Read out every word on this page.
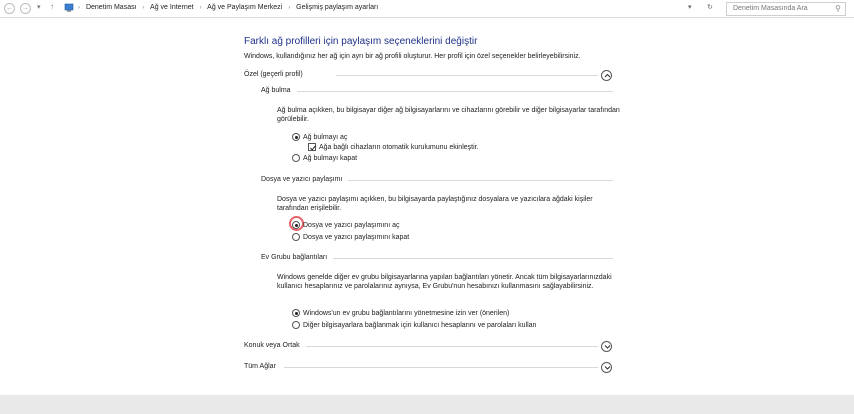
← → ▾ ↑	› Denetim Masası › Ağ ve Internet › Ağ ve Paylaşım Merkezi › Gelişmiş paylaşım ayarları	▾ ↻	Denetim Masasında Ara	⚲
Farklı ağ profilleri için paylaşım seçeneklerini değiştir
Windows, kullandığınız her ağ için ayrı bir ağ profili oluşturur. Her profil için özel seçenekler belirleyebilirsiniz.
Özel (geçerli profil)
Ağ bulma
Ağ bulma açıkken, bu bilgisayar diğer ağ bilgisayarlarını ve cihazlarını görebilir ve diğer bilgisayarlar tarafından görülebilir.
Ağ bulmayı aç
Ağa bağlı cihazların otomatik kurulumunu ekinleştir.
Ağ bulmayı kapat
Dosya ve yazıcı paylaşımı
Dosya ve yazıcı paylaşımı açıkken, bu bilgisayarda paylaştığınız dosyalara ve yazıcılara ağdaki kişiler tarafından erişilebilir.
Dosya ve yazıcı paylaşımını aç
Dosya ve yazıcı paylaşımını kapat
Ev Grubu bağlantıları
Windows genelde diğer ev grubu bilgisayarlarına yapılan bağlantıları yönetir. Ancak tüm bilgisayarlarınızdaki kullanıcı hesaplarınız ve parolalarınız aynıysa, Ev Grubu'nun hesabınızı kullanmasını sağlayabilirsiniz.
Windows'un ev grubu bağlantılarını yönetmesine izin ver (önerilen)
Diğer bilgisayarlara bağlanmak için kullanıcı hesaplarını ve parolaları kullan
Konuk veya Ortak
Tüm Ağlar
